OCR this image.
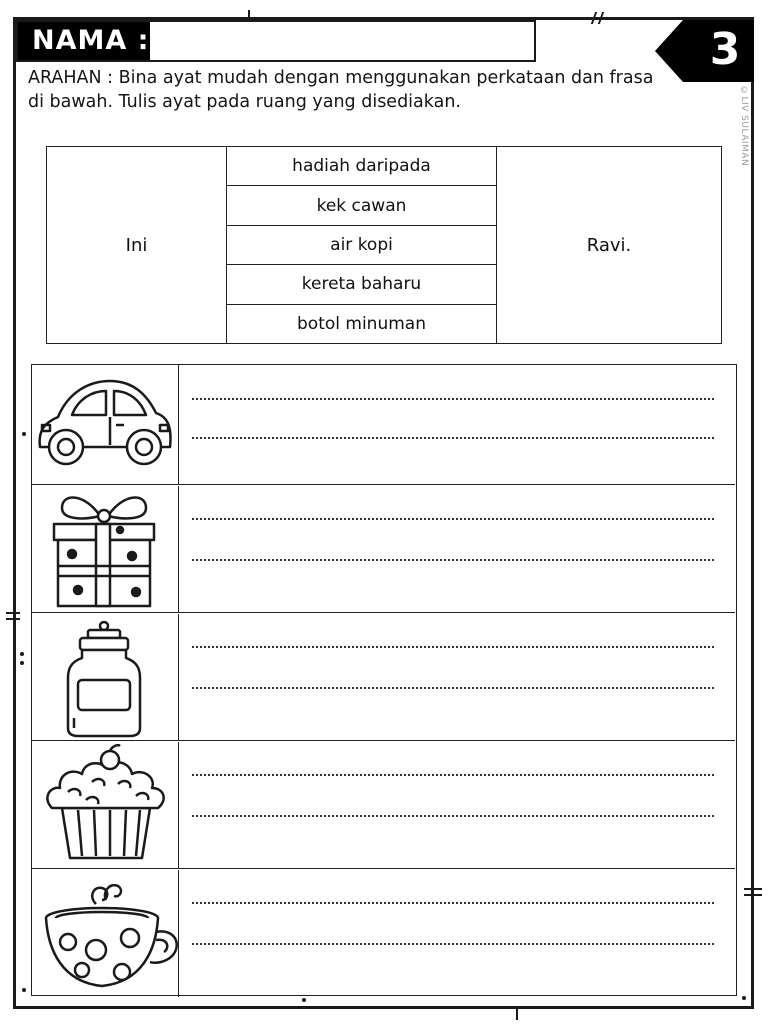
NAMA :	3
©LIV SULAIMAN
ARAHAN : Bina ayat mudah dengan menggunakan perkataan dan frasa di bawah. Tulis ayat pada ruang yang disediakan.
Ini	hadiah daripada	Ravi.
kek cawan
air kopi
kereta baharu
botol minuman
